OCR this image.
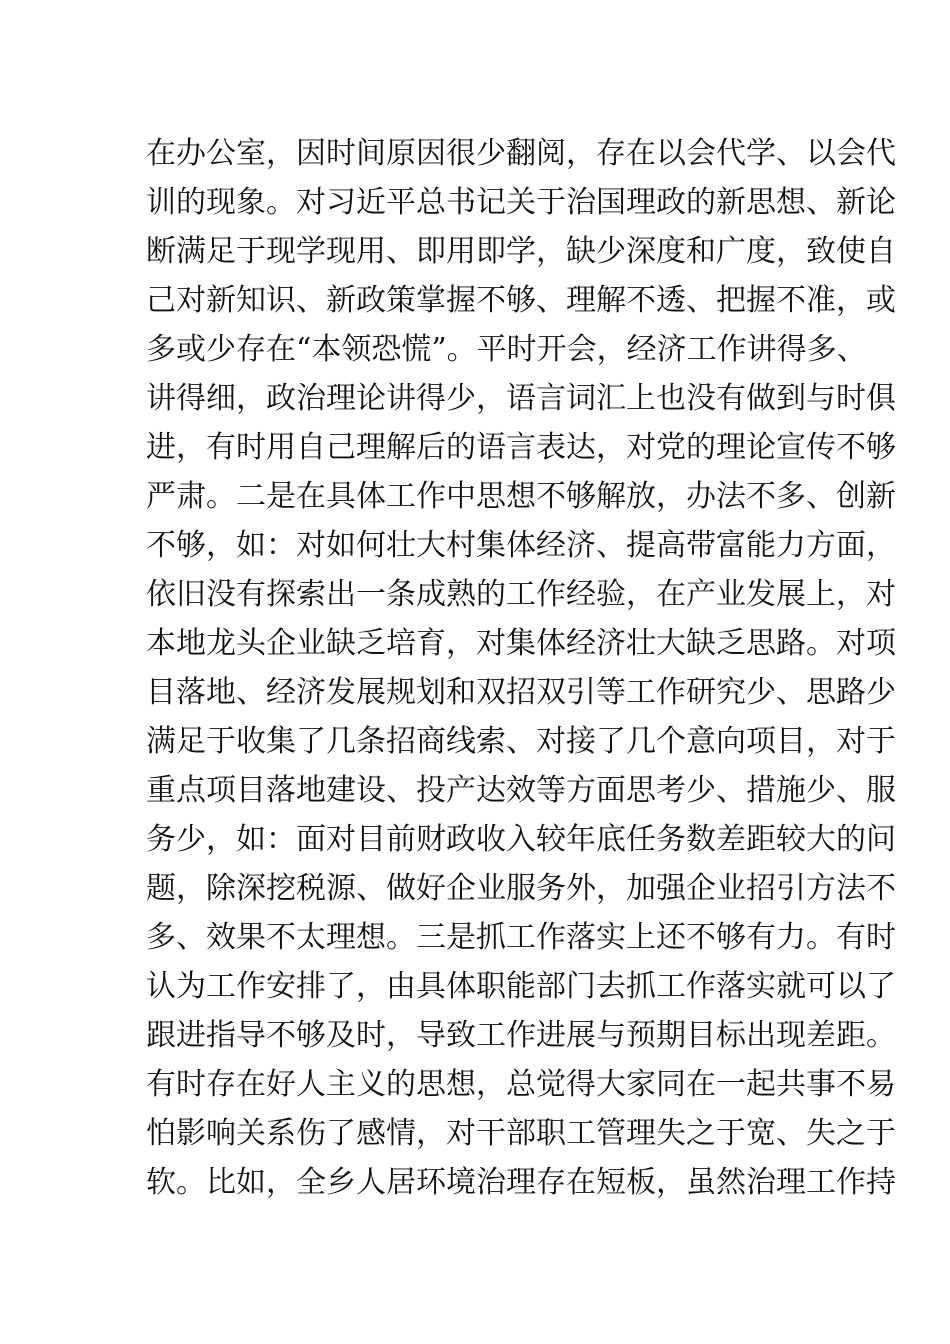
在办公室，因时间原因很少翻阅，存在以会代学、以会代
训的现象。对习近平总书记关于治国理政的新思想、新论
断满足于现学现用、即用即学，缺少深度和广度，致使自
己对新知识、新政策掌握不够、理解不透、把握不准，或
多或少存在“本领恐慌”。平时开会，经济工作讲得多、
讲得细，政治理论讲得少，语言词汇上也没有做到与时俱
进，有时用自己理解后的语言表达，对党的理论宣传不够
严肃。二是在具体工作中思想不够解放，办法不多、创新
不够，如：对如何壮大村集体经济、提高带富能力方面，
依旧没有探索出一条成熟的工作经验，在产业发展上，对
本地龙头企业缺乏培育，对集体经济壮大缺乏思路。对项
目落地、经济发展规划和双招双引等工作研究少、思路少
满足于收集了几条招商线索、对接了几个意向项目，对于
重点项目落地建设、投产达效等方面思考少、措施少、服
务少，如：面对目前财政收入较年底任务数差距较大的问
题，除深挖税源、做好企业服务外，加强企业招引方法不
多、效果不太理想。三是抓工作落实上还不够有力。有时
认为工作安排了，由具体职能部门去抓工作落实就可以了
跟进指导不够及时，导致工作进展与预期目标出现差距。
有时存在好人主义的思想，总觉得大家同在一起共事不易
怕影响关系伤了感情，对干部职工管理失之于宽、失之于
软。比如，全乡人居环境治理存在短板，虽然治理工作持
